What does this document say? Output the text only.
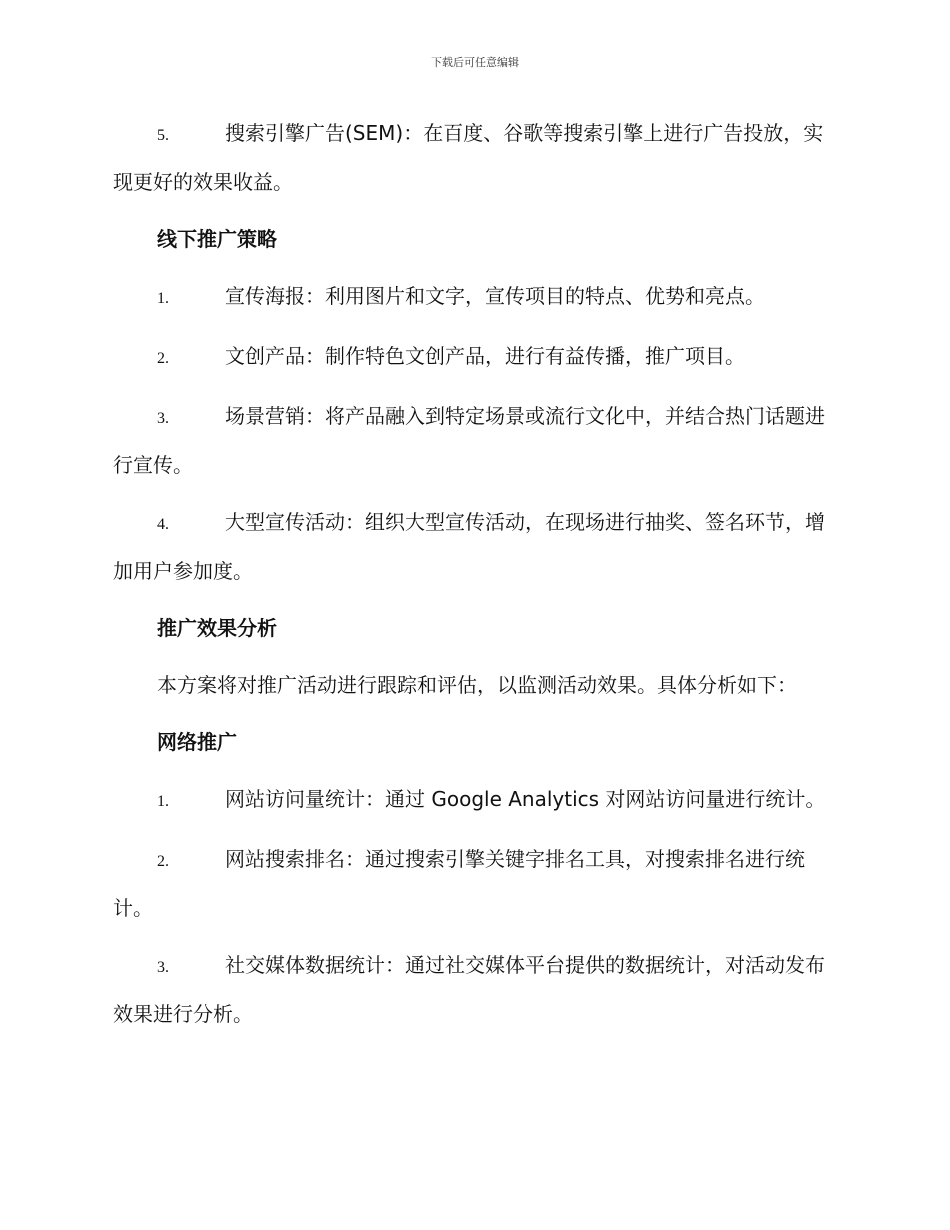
下载后可任意编辑
5.	搜索引擎广告(SEM)：在百度、谷歌等搜索引擎上进行广告投放，实现更好的效果收益。
线下推广策略
1.	宣传海报：利用图片和文字，宣传项目的特点、优势和亮点。
2.	文创产品：制作特色文创产品，进行有益传播，推广项目。
3.	场景营销：将产品融入到特定场景或流行文化中，并结合热门话题进行宣传。
4.	大型宣传活动：组织大型宣传活动，在现场进行抽奖、签名环节，增加用户参加度。
推广效果分析
本方案将对推广活动进行跟踪和评估，以监测活动效果。具体分析如下：
网络推广
1.	网站访问量统计：通过 Google Analytics 对网站访问量进行统计。
2.	网站搜索排名：通过搜索引擎关键字排名工具，对搜索排名进行统计。
3.	社交媒体数据统计：通过社交媒体平台提供的数据统计，对活动发布效果进行分析。
